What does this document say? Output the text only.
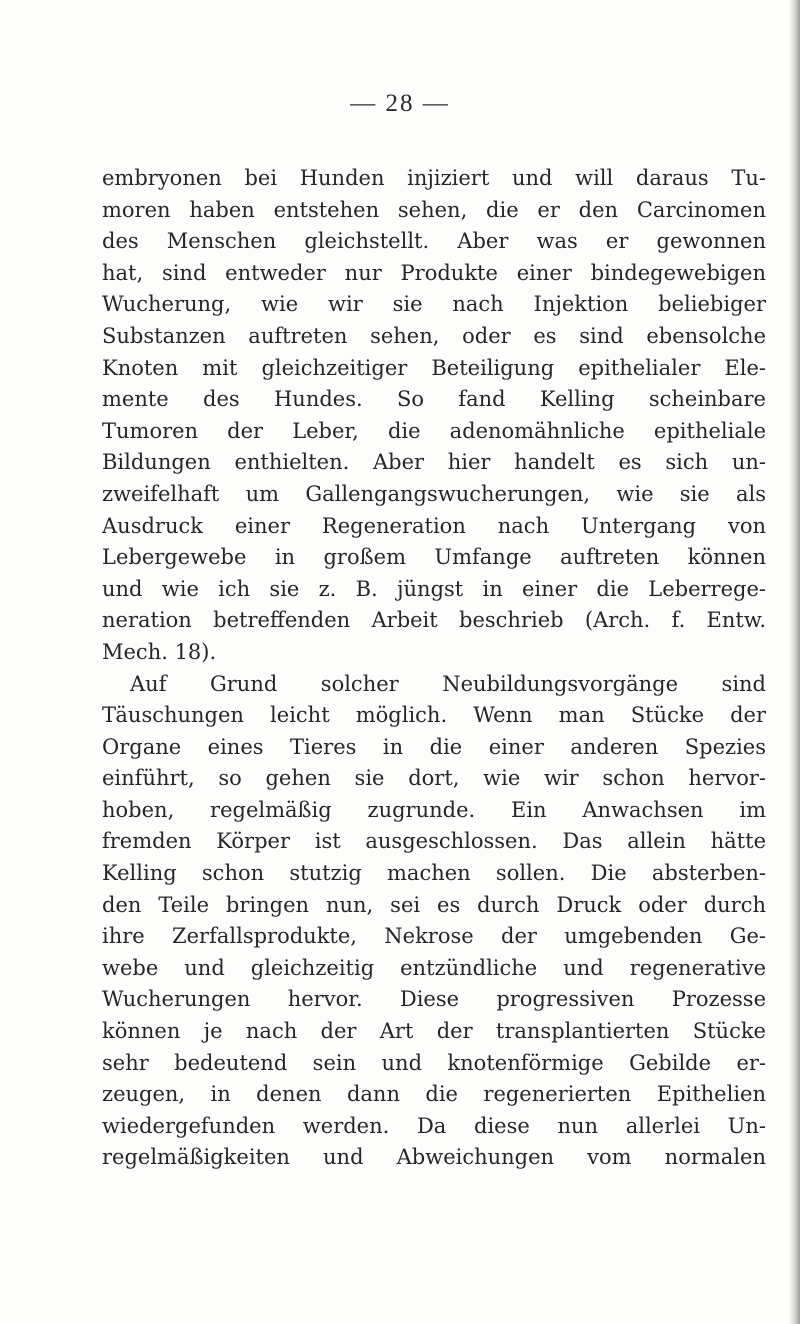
— 28 —
embryonen bei Hunden injiziert und will daraus Tu-
moren haben entstehen sehen, die er den Carcinomen
des Menschen gleichstellt. Aber was er gewonnen
hat, sind entweder nur Produkte einer bindegewebigen
Wucherung, wie wir sie nach Injektion beliebiger
Substanzen auftreten sehen, oder es sind ebensolche
Knoten mit gleichzeitiger Beteiligung epithelialer Ele-
mente des Hundes. So fand Kelling scheinbare
Tumoren der Leber, die adenomähnliche epitheliale
Bildungen enthielten. Aber hier handelt es sich un-
zweifelhaft um Gallengangswucherungen, wie sie als
Ausdruck einer Regeneration nach Untergang von
Lebergewebe in großem Umfange auftreten können
und wie ich sie z. B. jüngst in einer die Leberrege-
neration betreffenden Arbeit beschrieb (Arch. f. Entw.
Mech. 18).
Auf Grund solcher Neubildungsvorgänge sind
Täuschungen leicht möglich. Wenn man Stücke der
Organe eines Tieres in die einer anderen Spezies
einführt, so gehen sie dort, wie wir schon hervor-
hoben, regelmäßig zugrunde. Ein Anwachsen im
fremden Körper ist ausgeschlossen. Das allein hätte
Kelling schon stutzig machen sollen. Die absterben-
den Teile bringen nun, sei es durch Druck oder durch
ihre Zerfallsprodukte, Nekrose der umgebenden Ge-
webe und gleichzeitig entzündliche und regenerative
Wucherungen hervor. Diese progressiven Prozesse
können je nach der Art der transplantierten Stücke
sehr bedeutend sein und knotenförmige Gebilde er-
zeugen, in denen dann die regenerierten Epithelien
wiedergefunden werden. Da diese nun allerlei Un-
regelmäßigkeiten und Abweichungen vom normalen
